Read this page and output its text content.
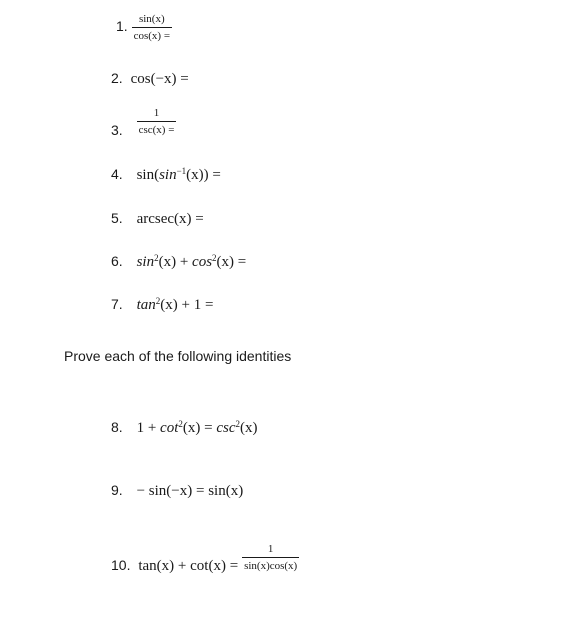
1. $\frac{\sin(x)}{\cos(x) =}$
2. cos(−x) =
3. $\frac{1}{\csc(x) =}$
4. $\sin(\sin^{-1}(x))$ =
5. arcsec(x) =
6. $\sin^2(x) + \cos^2(x)$ =
7. $\tan^2(x) + 1$ =
Prove each of the following identities
8. $1 + \cot^2(x) = \csc^2(x)$
9. − sin(−x) = sin(x)
10. $\tan(x) + \cot(x) = \frac{1}{\sin(x)\cos(x)}$
